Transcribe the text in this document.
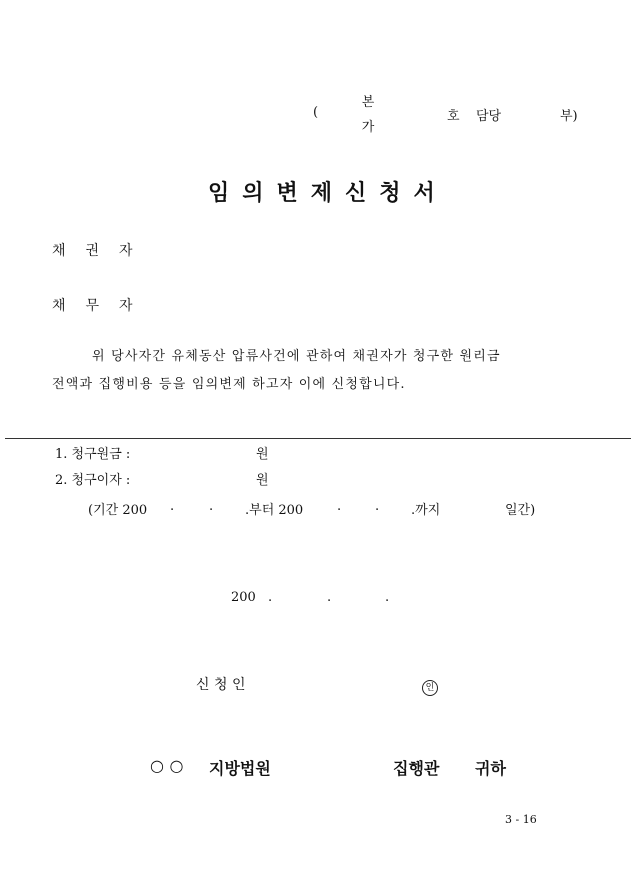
(
본
가
호 담당	부)
임의변제신청서
채권자
채무자
위 당사자간 유체동산 압류사건에 관하여 채권자가 청구한 원리금
전액과 집행비용 등을 임의변제 하고자 이에 신청합니다.
1. 청구원금 :	원
2. 청구이자 :	원
(기간 200 .	. .부터 200	.	. .까지	일간)
200 .	.	.
신 청 인	인
○ ○ 지방법원	집행관 귀하
3 - 16
